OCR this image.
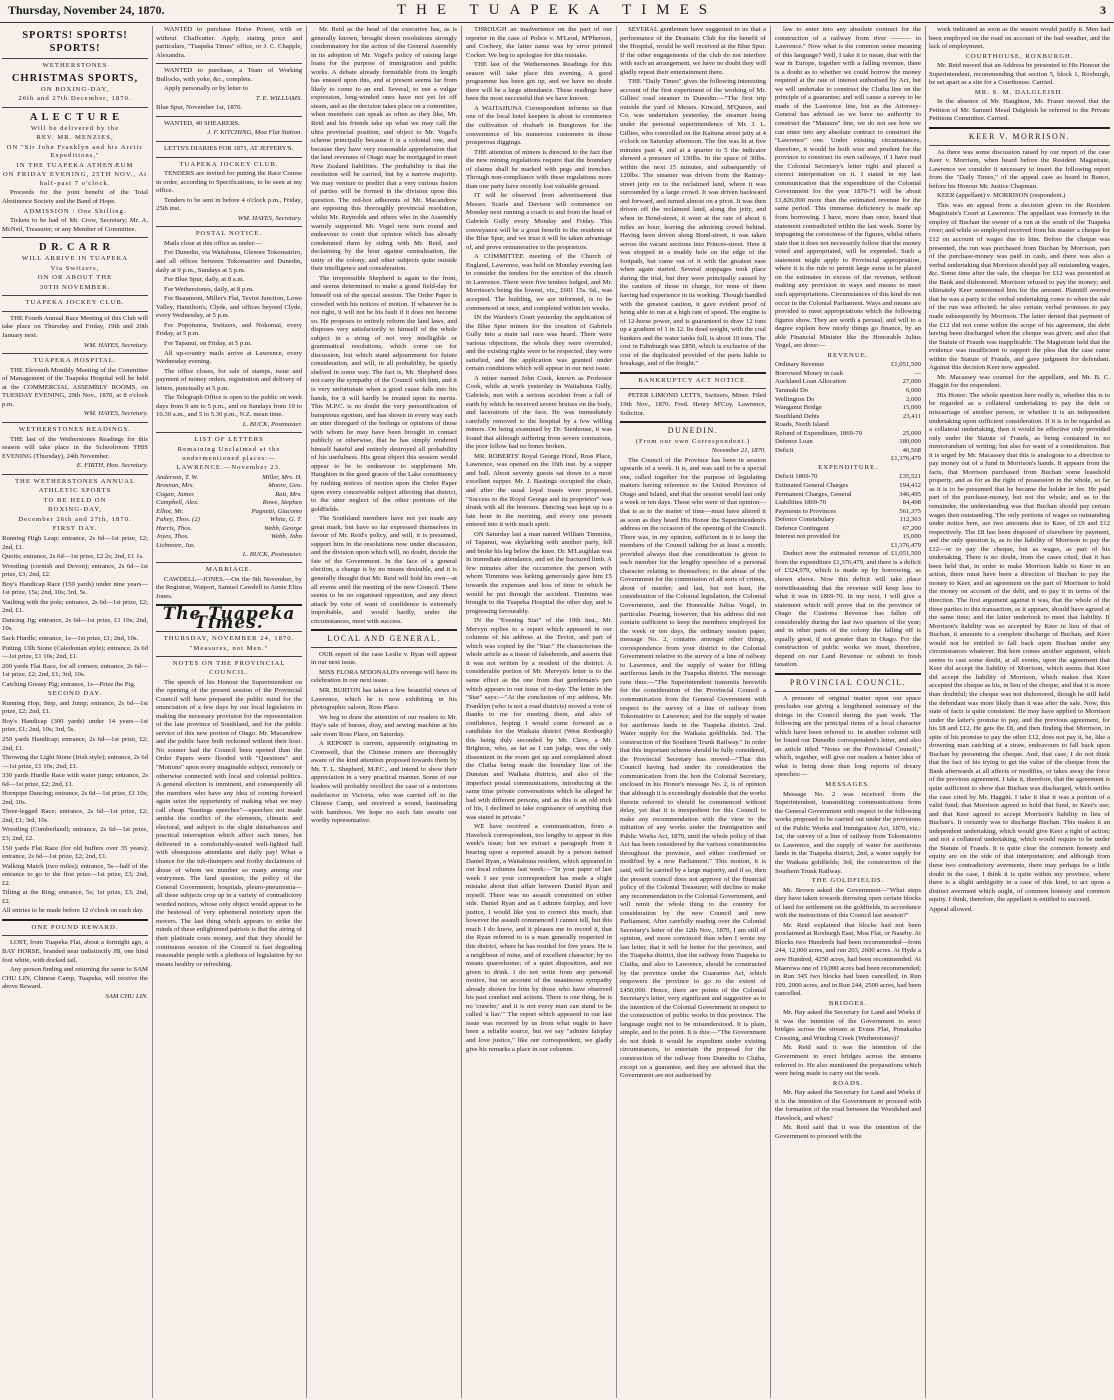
Thursday, November 24, 1870.	THE TUAPEKA TIMES	3

SPORTS! SPORTS! SPORTS!

WETHERSTONES

CHRISTMAS SPORTS,

ON BOXING-DAY,

26th and 27th December, 1870.

A L E C T U R E

Will be delivered by the

REV. MR. MENZIES,

ON "Sir John Franklyn and his Arctic Expeditions,"

IN THE TUAPEKA ATHENÆUM

ON FRIDAY EVENING, 25TH NOV., At half-past 7 o'clock.

Proceeds for the joint benefit of the Total Abstinence Society and the Band of Hope.

ADMISSION : One Shilling.

Tickets to be had of Mr. Crow, Secretary; Mr. A. McNeil, Treasurer; or any Member of Committee.

D R. C A R R

WILL ARRIVE IN TUAPEKA

Via Switzers,

ON OR ABOUT THE

30TH NOVEMBER.

TUAPEKA JOCKEY CLUB.

THE Fourth Annual Race Meeting of this Club will take place on Thursday and Friday, 19th and 20th January next.

WM. HAYES, Secretary.

TUAPEKA HOSPITAL.

THE Eleventh Monthly Meeting of the Committee of Management of the Tuapeka Hospital will be held at the COMMERCIAL ASSEMBLY ROOMS, on TUESDAY EVENING, 29th Nov., 1870, at 8 o'clock p.m.

WM. HAYES, Secretary.

WETHERSTONES READINGS.

THE last of the Wetherstones Readings for this season will take place in the Schoolroom THIS EVENING (Thursday), 24th November.

E. FIRTH, Hon. Secretary.

THE WETHERSTONES ANNUAL

ATHLETIC SPORTS

TO BE HELD ON

BOXING-DAY,

December 26th and 27th, 1870.

FIRST DAY.

Running High Leap; entrance, 2s 6d—1st prize, £2; 2nd, £1.

Quoits; entrance, 2s 6d—1st prize, £2 2s; 2nd, £1 1s.

Wrestling (cornish and Devon); entrance, 2s 6d—1st prize, £3; 2nd, £2.

Boy's Handicap Race (150 yards) under nine years—1st prize, 15s; 2nd, 10s; 3rd, 5s.

Vaulting with the pole; entrance, 2s 6d—1st prize, £2; 2nd, £1.

Dancing Jig; entrance, 2s 6d—1st prize, £1 10s; 2nd, 10s.

Sack Hurdle; entrance, 1s—1st prize, £1; 2nd, 10s.

Putting 13lb Stone (Caledonian style); entrance, 2s 6d—1st prize, £1 10s; 2nd, £1.

200 yards Flat Race, for all comers; entrance, 2s 6d—1st prize, £2; 2nd, £1; 3rd, 10s.

Catching Greasy Pig; entrance, 1s—Prize the Pig.

SECOND DAY.

Running Hop, Step, and Jump; entrance, 2s 6d—1st prize, £2; 2nd, £1.

Boy's Handicap (300 yards) under 14 years—1st prize, £1; 2nd, 10s; 3rd, 5s.

250 yards Handicap; entrance, 2s 6d—1st prize, £2; 2nd, £1.

Throwing the Light Stone (Irish style); entrance, 2s 6d—1st prize, £1 10s; 2nd, £1.

330 yards Hurdle Race with water jump; entrance, 2s 6d—1st prize, £2; 2nd, £1.

Hornpipe Dancing; entrance, 2s 6d—1st prize, £1 10s; 2nd, 10s.

Three-legged Race; entrance, 2s 6d—1st prize, £2; 2nd, £1; 3rd, 10s.

Wrestling (Cumberland); entrance, 2s 6d—1st prize, £3; 2nd, £2.

150 yards Flat Race (for old buffers over 35 years); entrance, 2s 6d—1st prize, £2; 2nd, £1.

Walking Match (two miles); entrance, 5s—half of the entrance to go to the first prize—1st prize, £3; 2nd, £2.

Tilting at the Ring; entrance, 5s; 1st prize, £3; 2nd, £2.

All entries to be made before 12 o'clock on each day.

ONE POUND REWARD.

LOST, from Tuapeka Flat, about a fortnight ago, a BAY HORSE, branded near indistinctly JB, one hind foot white, with docked tail.

Any person finding and returning the same to SAM CHU LIN, Chinese Camp, Tuapeka, will receive the above Reward.

SAM CHU LIN.

WANTED to purchase Horse Power, with or without Chaffcutter. Apply, stating price and particulars, "Tuapeka Times" office, or J. C. Chapple, Alexandra.

WANTED to purchase, a Team of Working Bullocks, with yoke, &c., complete.

Apply personally or by letter to

T. E. WILLIAMS.

Blue Spur, November 1st, 1870.

WANTED, 40 SHEARERS.

J. F. KITCHING, Moa Flat Station.

LETTS'S DIARIES FOR 1871, AT JEFFERY'S.

TUAPEKA JOCKEY CLUB.

TENDERS are invited for putting the Race Course in order, according to Specifications, to be seen at my office.

Tenders to be sent in before 4 o'clock p.m., Friday, 25th inst.

WM. HAYES, Secretary.

POSTAL NOTICE.

Mails close at this office as under:—

For Dunedin, via Waitahuna, Glenore Tokomairiro, and all offices between Tokomairiro and Dunedin, daily at 9 p.m., Sundays at 5 p.m.

For Blue Spur, daily, at 8 a.m.

For Wetherstones, daily, at 8 p.m.

For Beaumont, Miller's Flat, Teviot Junction, Lowe Valley, Hamilton's, Clyde, and offices beyond Clyde, every Wednesday, at 5 p.m.

For Popotunoa, Switzers, and Nokomai, every Friday, at 5 p.m.

For Tapanui, on Friday, at 5 p.m.

All up-country mails arrive at Lawrence, every Wednesday evening.

The office closes, for sale of stamps, issue and payment of money orders, registration and delivery of letters, punctually at 5 p.m.

The Telegraph Office is open to the public on week days from 9 am to 5 p.m., and on Sundays from 10 to 10.30 a.m., and 5 to 5.30 p.m., N.Z. mean time.

L. BUCK, Postmaster.

LIST OF LETTERS

Remaining Unclaimed at the undermentioned places:—

LAWRENCE.—November 23.

Anderson, T. W.	Miller, Mrs. H.
Brosnan, Mrs.	Moore, Geo.
Cogan, James	Rait, Mrs.
Campbell, Alex.	Rowe, Stephen
Elliot, Mr.	Pagnetti, Giacomo
Fahey, Thos. (2)	White, G. T.
Harris, Thos.	Webb, George
Joyes, Thos.	Webb, John
Lichmore, Jas.

L. BUCK, Postmaster.

MARRIAGE.

CAWDELL—JONES.—On the 9th November, by the Registrar, Waipori, Samuel Cawdell to Annie Eliza Jones.

The Tuapeka Times.

THURSDAY, NOVEMBER 24, 1870.

"Measures, not Men."

NOTES ON THE PROVINCIAL COUNCIL.

The speech of his Honour the Superintendent on the opening of the present session of the Provincial Council will have prepared the public mind for the enunciation of a few days by our local legislators in making the necessary provision for the representation of the late province of Southland, and for the public service of this new portion of Otago. Mr. Macandrew and the public have both reckoned without their host. No sooner had the Council been opened than the Order Papers were flooded with "Questions" and "Motions" upon every imaginable subject, remotely or otherwise connected with local and colonial politics. A general election is imminent, and consequently all the members who have any idea of coming forward again seize the opportunity of making what we may call cheap "hustings speeches"—speeches not made amidst the conflict of the elements, climatic and electoral, and subject to the slight disturbances and practical interruption which affect such times, but delivered in a comfortably-seated well-lighted hall with obsequious attendants and daily pay! What a chance for the tub-thumpers and frothy declaimers of abuse of whom we number so many among our vestrymen. The land question, the policy of the General Government, hospitals, pleuro-pneumonia—all these subjects crop up in a variety of contradictory worded notices, whose only object would appear to be the bestowal of very ephemeral notoriety upon the movers. The last thing which appears to strike the minds of these enlightened patriots is that the airing of their platitude costs money, and that they should be continuous session of the Council is fast degrading reasonable people with a plethora of legislation by no means healthy or refreshing.

Mr. Reid as the head of the executive has, as is generally known, brought down resolutions strongly condemnatory for the action of the General Assembly in its adoption of Mr. Vogel's policy of raising large loans for the purpose of immigration and public works. A debate already formidable from its length has ensued upon this, and at present seems far from likely to come to an end. Several, to use a vulgar expression, long-winded ones have not yet let off steam, and as the decision takes place on a committee, when members can speak as often as they like, Mr. Reid and his friends take up what we may call the ultra provincial position, and object to Mr. Vogel's scheme principally because it is a colonial one, and because they have very reasonable apprehension that the land revenues of Otago may be mortgaged to meet New Zealand liabilities. The probability is that the resolution will be carried, but by a narrow majority. We may venture to predict that a very curious fusion of parties will be formed in the division upon this question. The red-hot adherents of Mr. Macandrew are opposing this thoroughly provincial resolution, whilst Mr. Reynolds and others who in the Assembly warmly supported Mr. Vogel now turn round and endeavour to court that opinion which has already condemned them by siding with Mr. Reid, and declaiming by the hour against centralisation, the unity of the colony, and other subjects quite outside their intelligence and consideration.

The irrepressible Shepherd is again to the front, and seems determined to make a grand field-day for himself out of the special session. The Order Paper is crowded with his notices of motion. If whatever he is not right, it will not be his fault if it does not become so. He proposes to entirely reform the land laws, and disposes very satisfactorily to himself of the whole subject in a string of not very intelligible or grammatical resolutions, which come on for discussion, but which stand adjournment for future consideration, and will, in all probability, be quietly shelved in some way. The fact is, Mr. Shepherd does not carry the sympathy of the Council with him, and it is very unfortunate when a good cause falls into his hands, for it will hardly be treated upon its merits. This M.P.C. is no doubt the very personification of bumptious egotism, and has shown in every way such an utter disregard of the feelings or opinions of those with whom he may have been brought in contact publicly or otherwise, that he has simply rendered himself hateful and entirely destroyed all probability of his usefulness. His great object this session would appear to be to endeavour to supplement Mr. Haughton in the good graces of the Lake constituency by rushing notices of motion upon the Order Paper upon every conceivable subject affecting that district, to the utter neglect of the other portions of the goldfields.

The Southland members have not yet made any great mark, but have so far expressed themselves in favour of Mr. Reid's policy, and will, it is presumed, support him in the resolutions now under discussion, and the division upon which will, no doubt, decide the fate of the Government. In the face of a general election, a change is by no means desirable, and it is generally thought that Mr. Reid will hold his own—at all events until the meeting of the new Council. There seems to be no organised opposition, and any direct attack by vote of want of confidence is extremely improbable, and would hardly, under the circumstances, meet with success.

LOCAL AND GENERAL.

OUR report of the case Leslie v. Ryan will appear in our next issue.

MISS FLORA M'DONALD's revenge will have its celebration in our next issue.

MR. BURTON has taken a few beautiful views of Lawrence, which he is now exhibiting in his photographic saloon, Ross Place.

We beg to draw the attention of our readers to Mr. Hay's sale of horses, dray, and sewing machine at his sale room Ross Place, on Saturday.

A REPORT is current, apparently originating in Cromwell, that the Chinese miners are thoroughly aware of the kind attention proposed towards them by Mr. T. L. Shepherd, M.P.C., and intend to show their appreciation in a very practical manner. Some of our leaders will probably recollect the case of a notorious malefactor in Victoria, who was carried off to the Chinese Camp, and received a sound, bastinading with bamboos. We hope no such fate awaits our worthy representative.

THROUGH an inadvertence on the part of our reporter in the case of Police v. M'Leod, M'Pherson, and Cochrey, the latter name was by error printed Cocker. We beg to apologise for this mistake.

THE last of the Wetherstones Readings for this season will take place this evening. A good programme has been got up, and we have no doubt there will be a large attendance. These readings have been the most successful that we have known.

A WAITAHUNA Correspondent informs us that one of the local hotel keepers is about to commence the cultivation of rhubarb in Bungtown for the convenience of his numerous customers in those prosperous diggings.

THE attention of miners is directed to the fact that the new mining regulations require that the boundary of claims shall be marked with pegs and trenches. Through non-compliance with these regulations more than one party have recently lost valuable ground.

IT will be observed from advertisement that Messrs. Scarle and Davison will commence on Monday next running a coach to and from the head of Gabriels Gully every Monday and Friday. This conveyance will be a great benefit to the residents of the Blue Spur, and we trust it will be taken advantage of, and prove remunerative to the proprietors.

A COMMITTEE meeting of the Church of England, Lawrence, was held on Monday evening last to consider the tenders for the erection of the church in Lawrence. There were five tenders lodged, and Mr. Morrison's being the lowest, viz., £601 15s. 6d., was accepted. The building, we are informed, is to be commenced at once, and completed within ten weeks.

IN the Warden's Court yesterday the application of the Blue Spur miners for the creation of Gabriels Gully into a main tail race was heard. There were various objections, the whole they were overruled, and the existing rights were to be respected, they were satisfied, and the application was granted under certain conditions which will appear in our next issue.

A miner named John Cook, known as Professor Cook, while at work yesterday in Waitahuna Gully, Gabriels, met with a serious accident from a fall of earth by which he received severe bruises on the body, and lacerations of the face. He was immediately carefully removed to the hospital by a few willing miners. On being examined by Dr. Stenhouse, it was found that although suffering from severe contusions, the poor fellow had no bones broken.

MR. ROBERTS' Royal George Hotel, Ross Place, Lawrence, was opened on the 16th inst. by a supper and ball. About seventy guests sat down to a most excellent supper. Mr. J. Bastings occupied the chair, and after the usual loyal toasts were proposed, "Success to the Royal George and its proprietor" was drunk with all the honours. Dancing was kept up to a late hour in the morning, and every one present entered into it with much spirit.

ON Saturday last a man named William Timmins, of Tapanui, was skylarking with another party, fell and broke his leg below the knee. Dr. M'Laughlan was in immediate attendance, and set the fractured limb. A few minutes after the occurrence the person with whom Timmins was larking generously gave him £5 towards the expenses and loss of time to which he would be put through the accident. Timmins was brought to the Tuapeka Hospital the other day, and is progressing favourably.

IN the "Evening Star" of the 19th inst., Mr. Mervyn replies to a report which appeared in our columns of his address at the Teviot, and part of which was copied by the "Star." He characterises the whole article as a tissue of falsehoods, and asserts that it was not written by a resident of the district. A considerable portion of Mr. Mervyn's letter is to the same effect as the one from that gentleman's pen which appears in our issue of to-day. The letter in the "Star" says:—"At the conclusion of my address, Mr. Franklyn (who is not a road districts) moved a vote of thanks to me for meeting them, and also of confidence, hoping I would come forward as a candidate for the Waikaia district (West Roxburgh) this being duly seconded by Mr. Cleve, a Mr. Brighton, who, as far as I can judge, was the only dissentient in the room got up and complained about the Clutha being made the boundary line of the Dunstan and Waikaia districts, and also of the imperfect postal communications, introducing at the same time private conversations which he alleged he had with different persons, and as this is an old trick of his, I declined to take cognisance of anything that was stated in private."

WE have received a communication, from a Havelock correspondent, too lengthy to appear in this week's issue; but we extract a paragraph from it bearing upon a reported assault by a person named Daniel Ryan, a Waitahuna resident, which appeared in our local columns last week:—"In your paper of last week I see your correspondent has made a slight mistake about that affair between Daniel Ryan and myself. There was no assault committed on either side. Daniel Ryan and as I admire fairplay, and love justice, I would like you to correct this much, that however the assault commenced I cannot tell, but this much I do know, and it pleases me to record it, that the Ryan referred to is a man generally respected in this district, where he has resided for five years. He is a neighbour of mine, and of excellent character; by no means quarrelsome; of a quiet disposition, and not given to drink. I do not write from any personal motive, but on account of the unanimous sympathy already shown for him by those who have observed his past conduct and actions. There is one thing, he is no 'crawler,' and it is not every man can stand to be called 'a liar.'" The report which appeared in our last issue was received by us from what ought to have been a reliable source, but we say "admire fairplay and love justice," like our correspondent, we gladly give his remarks a place in our columns.

SEVERAL gentlemen have suggested to us that a performance of the Dramatic Club for the benefit of the Hospital, would be well received at the Blue Spur. If the other engagements of the club do not interfere with such an arrangement, we have no doubt they will gladly repeat their entertainment there.

THE "Daily Times" gives the following interesting account of the first experiment of the working of Mr. Gillies' road steamer in Dunedin:—"The first trip outside the yard of Messrs. Kincaid, M'Queen, and Co. was undertaken yesterday, the steamer being under the personal superintendence of Mr. J. L. Gillies, who controlled on the Kaituna street jetty at 4 o'clock on Saturday afternoon. The fire was lit at five minutes past 4, and at a quarter to 5 the indicator showed a pressure of 130lbs. In the space of 30lbs. within the next 15 minutes, and subsequently of 120lbs. The steamer was driven from the Rattray-street jetty on to the reclaimed land, where it was surrounded by a large crowd. It was driven backward and forward, and turned almost on a pivot. It was then driven off the reclaimed land, along the jetty, and when in Bond-street, it went at the rate of about 6 miles an hour, leaving the admiring crowd behind. Having been driven along Bond-street, it was taken across the vacant sections into Princes-street. Here it was stopped in a muddy hole on the edge of the footpath, but came out of it with the greatest ease when again started. Several stoppages took place during the trial, but they were principally caused by the caution of those in charge, for none of them having had experience in its working. Though handled with the greatest caution, it gave evident proof of being able to run at a high rate of speed. The engine is of 12-horse power, and is guaranteed to draw 12 tons up a gradient of 1 in 12. Its dead weight, with the coal bunkers and the water tanks full, is about 10 tons. The cost in Edinburgh was £850, which is exclusive of the cost of the duplicated provided of the parts liable to breakage, and of the freight."

BANKRUPTCY ACT NOTICE.

PETER LIMOND LETTS, Switzers, Miner. Filed 19th Nov., 1870. Fred. Henry M'Coy, Lawrence, Solicitor.

DUNEDIN.

(From our own Correspondent.)

November 21, 1870.

The Council of the Province has been in session upwards of a week. It is, and was said to be a special one, called together for the purpose of legislating matters having reference to the United Province of Otago and Island, and that the session would last only a week or ten days. Those who were of that opinion—that is as to the matter of time—must have altered it as soon as they heard His Honor the Superintendent's address on the occasion of the opening of the Council. There was, in my opinion, sufficient in it to keep the members of the Council talking for at least a month; provided always that due consideration is given to each member for the lengthy speeches of a personal character relating to themselves; to the abuse of the Government for the commission of all sorts of crimes, about of murder; and last, but not least, the consideration of the Colonial legislation, the Colonial Government, and the Honorable Julius Vogel, in particular. Fearing, however, that his address did not contain sufficient to keep the members employed for the week or ten days, the ordinary session paper, message No. 2, contains amongst other things, correspondence from your district to the Colonial Government relative to the survey of a line of railway to Lawrence, and the supply of water for filling auriferous lands in the Tuapeka district. The message runs thus:—"The Superintendent transmits herewith for the consideration of the Provincial Council a communication from the General Government with respect to the survey of a line of railway from Tokomairiro to Lawrence, and for the supply of water for auriferous lands in the Tuapeka district. 2nd. Water supply for the Waikaia goldfields. 3rd. The construction of the Southern Trunk Railway." In order that this important scheme should be fully considered, the Provincial Secretary has moved—"That this Council having had under its consideration the communication from the hon the Colonial Secretary, enclosed in his Honor's message No. 2, is of opinion that although it is exceedingly desirable that the works therein referred to should be commenced without delay, yet that it is inexpedient for this Council to make any recommendation with the view to the initiation of any works under the Immigration and Public Works Act, 1870, until the whole policy of that Act has been considered by the various constituencies throughout the province, and either confirmed or modified by a new Parliament." This motion, it is said, will be carried by a large majority, and if so, then the present council does not approve of the financial policy of the Colonial Treasurer; will decline to make any recommendation to the Colonial Government, and will remit the whole thing to the country for consideration by the new Council and new Parliament. After carefully reading over the Colonial Secretary's letter of the 12th Nov., 1870, I am still of opinion, and more convinced than when I wrote my last letter, that it will be better for the province, and the Tuapeka district, that the railway from Tuapeka to Clutha, and also to Lawrence, should be constructed by the province under the Guarantee Act, which empowers the province to go to the extent of £450,000. Hence, there are points of the Colonial Secretary's letter, very significant and suggestive as to the intention of the Colonial Government in respect to the construction of public works in this province. The language ought not to be misunderstood. It is plain, simple, and to the point. It is this:—"The Government do not think it would be expedient under existing circumstances, to entertain the proposal for the construction of the railway from Dunedin to Clutha, except on a guarantee, and they are advised that the Government are not authorised by

law to enter into any absolute contract for the construction of a railway from river ——— to Lawrence." Now what is the common sense meaning of this language? Well, I take it to mean, that with the war in Europe, together with a falling revenue, there is a doubt as to whether we could borrow the money required at the rate of interest authorised by Act, but we will undertake to construct the Clutha line on the principle of a guarantee; and will cause a survey to be made of the Lawrence line, but as the Attorney-General has advised us we have no authority to construct the "Mataura" line, we do not see how we can enter into any absolute contract to construct the "Lawrence" one. Under existing circumstances, therefore, it would be both wise and prudent for the province to construct its own railways, if I have read the Colonial Secretary's letter right and placed a correct interpretation on it. I stated in my last communication that the expenditure of the Colonial Government for the year 1870-71 will be about £1,826,000 more than the estimated revenue for the same period. This immense deficiency is made up from borrowing. I have, more than once, heard that statement contradicted within the last week. Some by impugning the correctness of the figures, whilst others state that it does not necessarily follow that the money voted and appropriated, will be expended. Such a statement might apply to Provincial appropriation, where it is the rule to permit large sums to be placed on the estimates in excess of the revenue, without making any provision in ways and means to meet such appropriations. Circumstances of this kind do not occur in the Colonial Parliament. Ways and means are provided to meet appropriations which the following figures show. They are worth a perusal, and will to a degree explain how nicely things go finance, by an able Financial Minister like the Honorable Julius Vogel, are done:—

REVENUE.

Ordinary Revenue	£1,051,500
Borrowed Money in cash	—
Auckland Loan Allocation	27,000
Taranaki Do	6,000
Wellington Do	2,000
Wanganui Bridge	15,000
Southland Debts	23,411
Roads, North Island
Refund of Expenditure, 1869-70	25,000
Defence Loan	180,000
Deficit	46,568
£1,376,479

EXPENDITURE.

Deficit 1869-70	£35,521
Estimated General Charges	194,412
Permanent Charges, General	346,495
Liabilities 1869-70	84,498
Payments to Provinces	561,375
Defence Constabulary	112,363
Defence Contingent	67,200
Interest not provided for	15,000
£1,376,479

Deduct now the estimated revenue of £1,051,500 from the expenditure £1,376,479, and there is a deficit of £324,979, which is made up by borrowing, as shown above. Now this deficit will take place notwithstanding that the revenue will keep less to what it was in 1869-70. In my next, I will give a statement which will prove that in the province of Otago the Customs Revenue has fallen off considerably during the last two quarters of the year; and in other parts of the colony the falling off is equally great, if not greater than in Otago. For the construction of public works we must, therefore, depend on our Land Revenue or submit to fresh taxation.

PROVINCIAL COUNCIL.

A pressure of original matter upon our space precludes our giving a lengthened summary of the doings in the Council during the past week. The following are the principal items of a local character which have been referred to. In another column will be found our Dunedin correspondent's letter, and also an article titled "Notes on the Provincial Council," which, together, will give our readers a better idea of what is being done than long reports of dreary speeches:—

MESSAGES.

Message No. 2 was received from the Superintendent, transmitting communications from the General Government with respect to the following works proposed to be carried out under the provisions of the Public Works and Immigration Act, 1870, viz.: 1st, the survey of a line of railway from Tokomairiro to Lawrence, and the supply of water for auriferous lands in the Tuapeka district; 2nd, a water supply for the Waikaia goldfields; 3rd, the construction of the Southern Trunk Railway.

THE GOLDFIELDS.

Mr. Brown asked the Government—"What steps they have taken towards throwing open certain blocks of land for settlement on the goldfields, in accordance with the instructions of this Council last session?"

Mr. Reid explained that blocks had not been proclaimed at Roxburgh East, Moa Flat, or Naseby. At Blocks two Hundreds had been recommended—from 244, 12,000 acres, and run 203, 2600 acres. At Hyde a new Hundred, 4250 acres, had been recommended. At Maerewa one of 19,000 acres had been recommended; in Run 345 two blocks had been cancelled; in Run 109, 2000 acres, and in Run 244, 2500 acres, had been cancelled.

BRIDGES.

Mr. Hay asked the Secretary for Land and Works if it was the intention of the Government to erect bridges across the stream at Evans Flat, Ponakaika Crossing, and Winding Creek (Wetherstones)?

Mr. Reid said it was the intention of the Government to erect bridges across the streams referred to. He also mentioned the preparations which were being made to carry out the work.

ROADS.

Mr. Hay asked the Secretary for Land and Works if it is the intention of the Government to proceed with the formation of the road between the Woodshed and Havelock, and when?

Mr. Reid said that it was the intention of the Government to proceed with the

work indicated as soon as the season would justify it. Men had been employed on the road on account of the bad weather, and the lack of employment.

COURTHOUSE, ROXBURGH.

Mr. Reid moved that an Address be presented to His Honour the Superintendent, recommending that section 5, block 1, Roxburgh, be set apart as a site for a Courthouse. Carried.

MR. S. M. DALGLEISH.

In the absence of Mr. Haughton, Mr. Fraser moved that the Petition of Mr. Samuel Mead Dalgleish be referred to the Private Petitions Committee. Carried.

KEER V. MORRISON.

As there was some discussion raised by our report of the case Keer v. Morrison, when heard before the Resident Magistrate, Lawrence we consider it necessary to insert the following report from the "Daily Times," of the appeal case as heard in Banco, before his Honour Mr. Justice Chapman.

KEER (appellant) v. MORRISON (respondent.)

This was an appeal from a decision given in the Resident Magistrate's Court at Lawrence. The appellant was formerly in the employ of Buchan the owner of a run at the south of the Tuapeka river; and while so employed received from his master a cheque for £12 on account of wages due to him. Before the cheque was presented, the run was purchased from Buchan by Morrison, part of the purchase-money was paid in cash, and there was also a verbal undertaking that Morrison should pay all outstanding wages, &c. Some time after the sale, the cheque for £12 was presented at the Bank and dishonored. Morrison refused to pay the money; and ultimately Keer summoned him for the amount. Plaintiff averred that he was a party to the verbal undertaking come to when the sale of the run was effected; he also certain verbal promises to pay made subsequently by Morrison. The latter denied that payment of the £12 did not come within the scope of his agreement, the debt having been discharged when the cheque was given; and also that the Statute of Frauds was inapplicable. The Magistrate held that the evidence was insufficient to support the plea that the case came within the Statute of Frauds, and gave judgment for defendant. Against this decision Keer now appealed.

Mr. Macassey was counsel for the appellant, and Mr. B. C. Haggitt for the respondent.

His Honor: The whole question here really is, whether this is to be regarded as a collateral undertaking to pay the debt or miscarriage of another person, or whether it is an independent undertaking upon sufficient consideration. If it is to be regarded as a collateral undertaking, then it would be effective only provided only under the Statute of Frauds, as being contained in no memorandum of writing; but also for want of a consideration. But it is urged by Mr. Macassey that this is analogous to a direction to pay money out of a fund in Morrison's hands. It appears from the facts, that Morrison purchased from Buchan some leasehold property, and as for as the right of possession in the whole, so far as it is to be presumed that he became the holder in fee. He paid part of the purchase-money, but not the whole; and as to the remainder, the understanding was that Buchan should pay certain wages then outstanding. The only portions of wages so outstanding under notice here, are two amounts due to Keer, of £9 and £12 respectively. The £8 has been disposed of elsewhere by payment, and the only question is, as to the liability of Morrison to pay the £12—or to pay the cheque, but as wages, as part of his undertaking. There is no doubt, from the cases cited, that it has been held that, in order to make Morrison liable to Keer in an action, there must have been a direction of Buchan to pay the money to Keer, and an agreement on the part of Morrison to hold the money on account of the debt, and to pay it in terms of the direction. The first argument against it was, that the whole of the three parties to this transaction, as it appears, should have agreed at the same time; and the latter undertook to meet that liability. If Morrison's liability was so accepted by Keer in lieu of that of Buchan, it amounts to a complete discharge of Buchan, and Keer would not be entitled to fall back upon Buchan under any circumstances whatever. But here comes another argument, which seems to cast some doubt, at all events, upon the agreement that Keer did accept the liability of Morrison, which seems that Keer did accept the liability of Morrison, which makes that Keer accepted the cheque as his, in lieu of the cheque, and that it is more than doubtful; the cheque was not dishonored, though he still held the defendant was more likely than it was after the sale. Now, this state of facts is quite consistent. He may have applied to Morrison under the latter's promise to pay, and the previous agreement, for his £8 and £12. He gets the £8, and then finding that Morrison, in spite of his promise to pay the other £12, does not pay it, he, like a drowning man catching at a straw, endeavours to fall back upon Buchan by presenting the cheque. And, that case, I do not think that the fact of his trying to get the value of the cheque from the Bank afterwards at all affects or modifies, or takes away the force of the previous agreement. I take it, therefore, that the agreement is quite sufficient to show that Buchan was discharged, which settles the case cited by Mr. Haggitt. I take it that it was a portion of a valid fund; that Morrison agreed to hold that fund, to Keer's use; and that Keer agreed to accept Morrison's liability in lieu of Buchan's. It certainly was to discharge Buchan. This makes it an independent undertaking, which would give Keer a right of action; and not a collateral undertaking, which would require to be under the Statute of Frauds. It is quite clear the common honesty and equity are on the side of that interpretation; and although from these two contradictory averments, there may perhaps be a little doubt in the case, I think it is quite within my province, where there is a slight ambiguity in a case of this kind, to act upon a distinct averment which ought, of common honesty and common equity. I think, therefore, the appellant is entitled to succeed.

Appeal allowed.
